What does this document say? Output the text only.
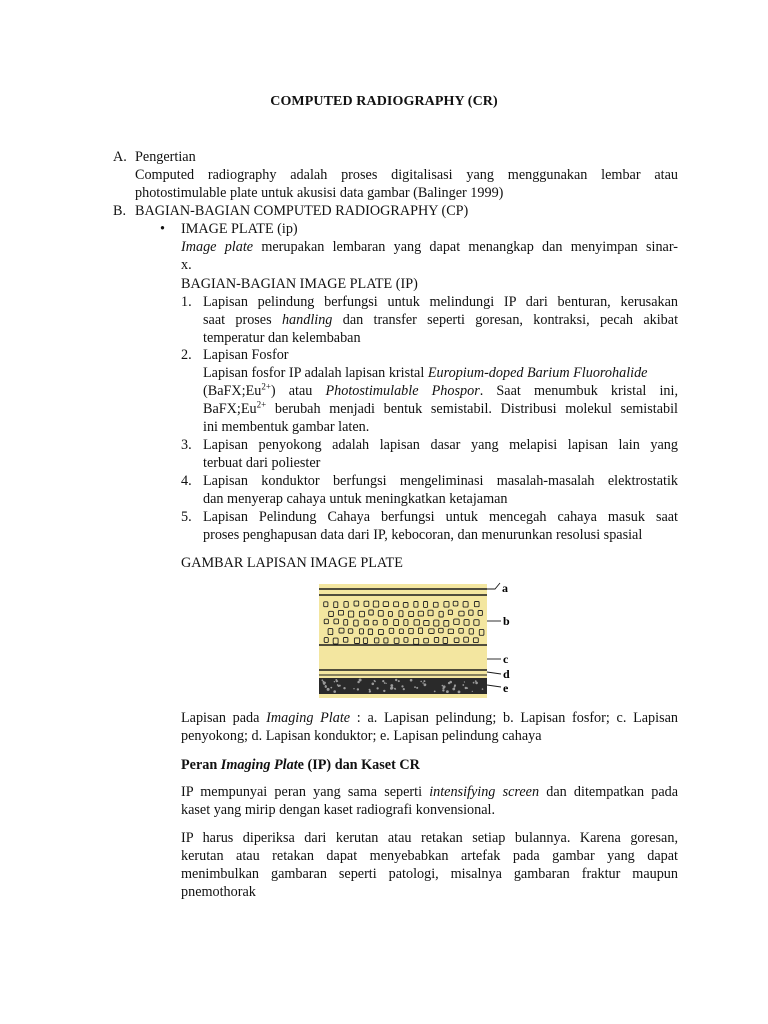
COMPUTED RADIOGRAPHY (CR)
A. Pengertian
Computed radiography adalah proses digitalisasi yang menggunakan lembar atau
photostimulable plate untuk akusisi data gambar (Balinger 1999)
B. BAGIAN-BAGIAN COMPUTED RADIOGRAPHY (CP)
• IMAGE PLATE (ip)
Image plate merupakan lembaran yang dapat menangkap dan menyimpan sinar-
x.
BAGIAN-BAGIAN IMAGE PLATE (IP)
1. Lapisan pelindung berfungsi untuk melindungi IP dari benturan, kerusakan
saat proses handling dan transfer seperti goresan, kontraksi, pecah akibat
temperatur dan kelembaban
2. Lapisan Fosfor
Lapisan fosfor IP adalah lapisan kristal Europium-doped Barium Fluorohalide
$(BaFX;Eu^{2+})$ atau Photostimulable Phospor. Saat menumbuk kristal ini,
$BaFX;Eu^{2+}$ berubah menjadi bentuk semistabil. Distribusi molekul semistabil
ini membentuk gambar laten.
3. Lapisan penyokong adalah lapisan dasar yang melapisi lapisan lain yang
terbuat dari poliester
4. Lapisan konduktor berfungsi mengeliminasi masalah-masalah elektrostatik
dan menyerap cahaya untuk meningkatkan ketajaman
5. Lapisan Pelindung Cahaya berfungsi untuk mencegah cahaya masuk saat
proses penghapusan data dari IP, kebocoran, dan menurunkan resolusi spasial
GAMBAR LAPISAN IMAGE PLATE
a
b
c
d
e
Lapisan pada Imaging Plate : a. Lapisan pelindung; b. Lapisan fosfor; c. Lapisan
penyokong; d. Lapisan konduktor; e. Lapisan pelindung cahaya
Peran Imaging Plate (IP) dan Kaset CR
IP mempunyai peran yang sama seperti intensifying screen dan ditempatkan pada
kaset yang mirip dengan kaset radiografi konvensional.
IP harus diperiksa dari kerutan atau retakan setiap bulannya. Karena goresan,
kerutan atau retakan dapat menyebabkan artefak pada gambar yang dapat
menimbulkan gambaran seperti patologi, misalnya gambaran fraktur maupun
pnemothorak
